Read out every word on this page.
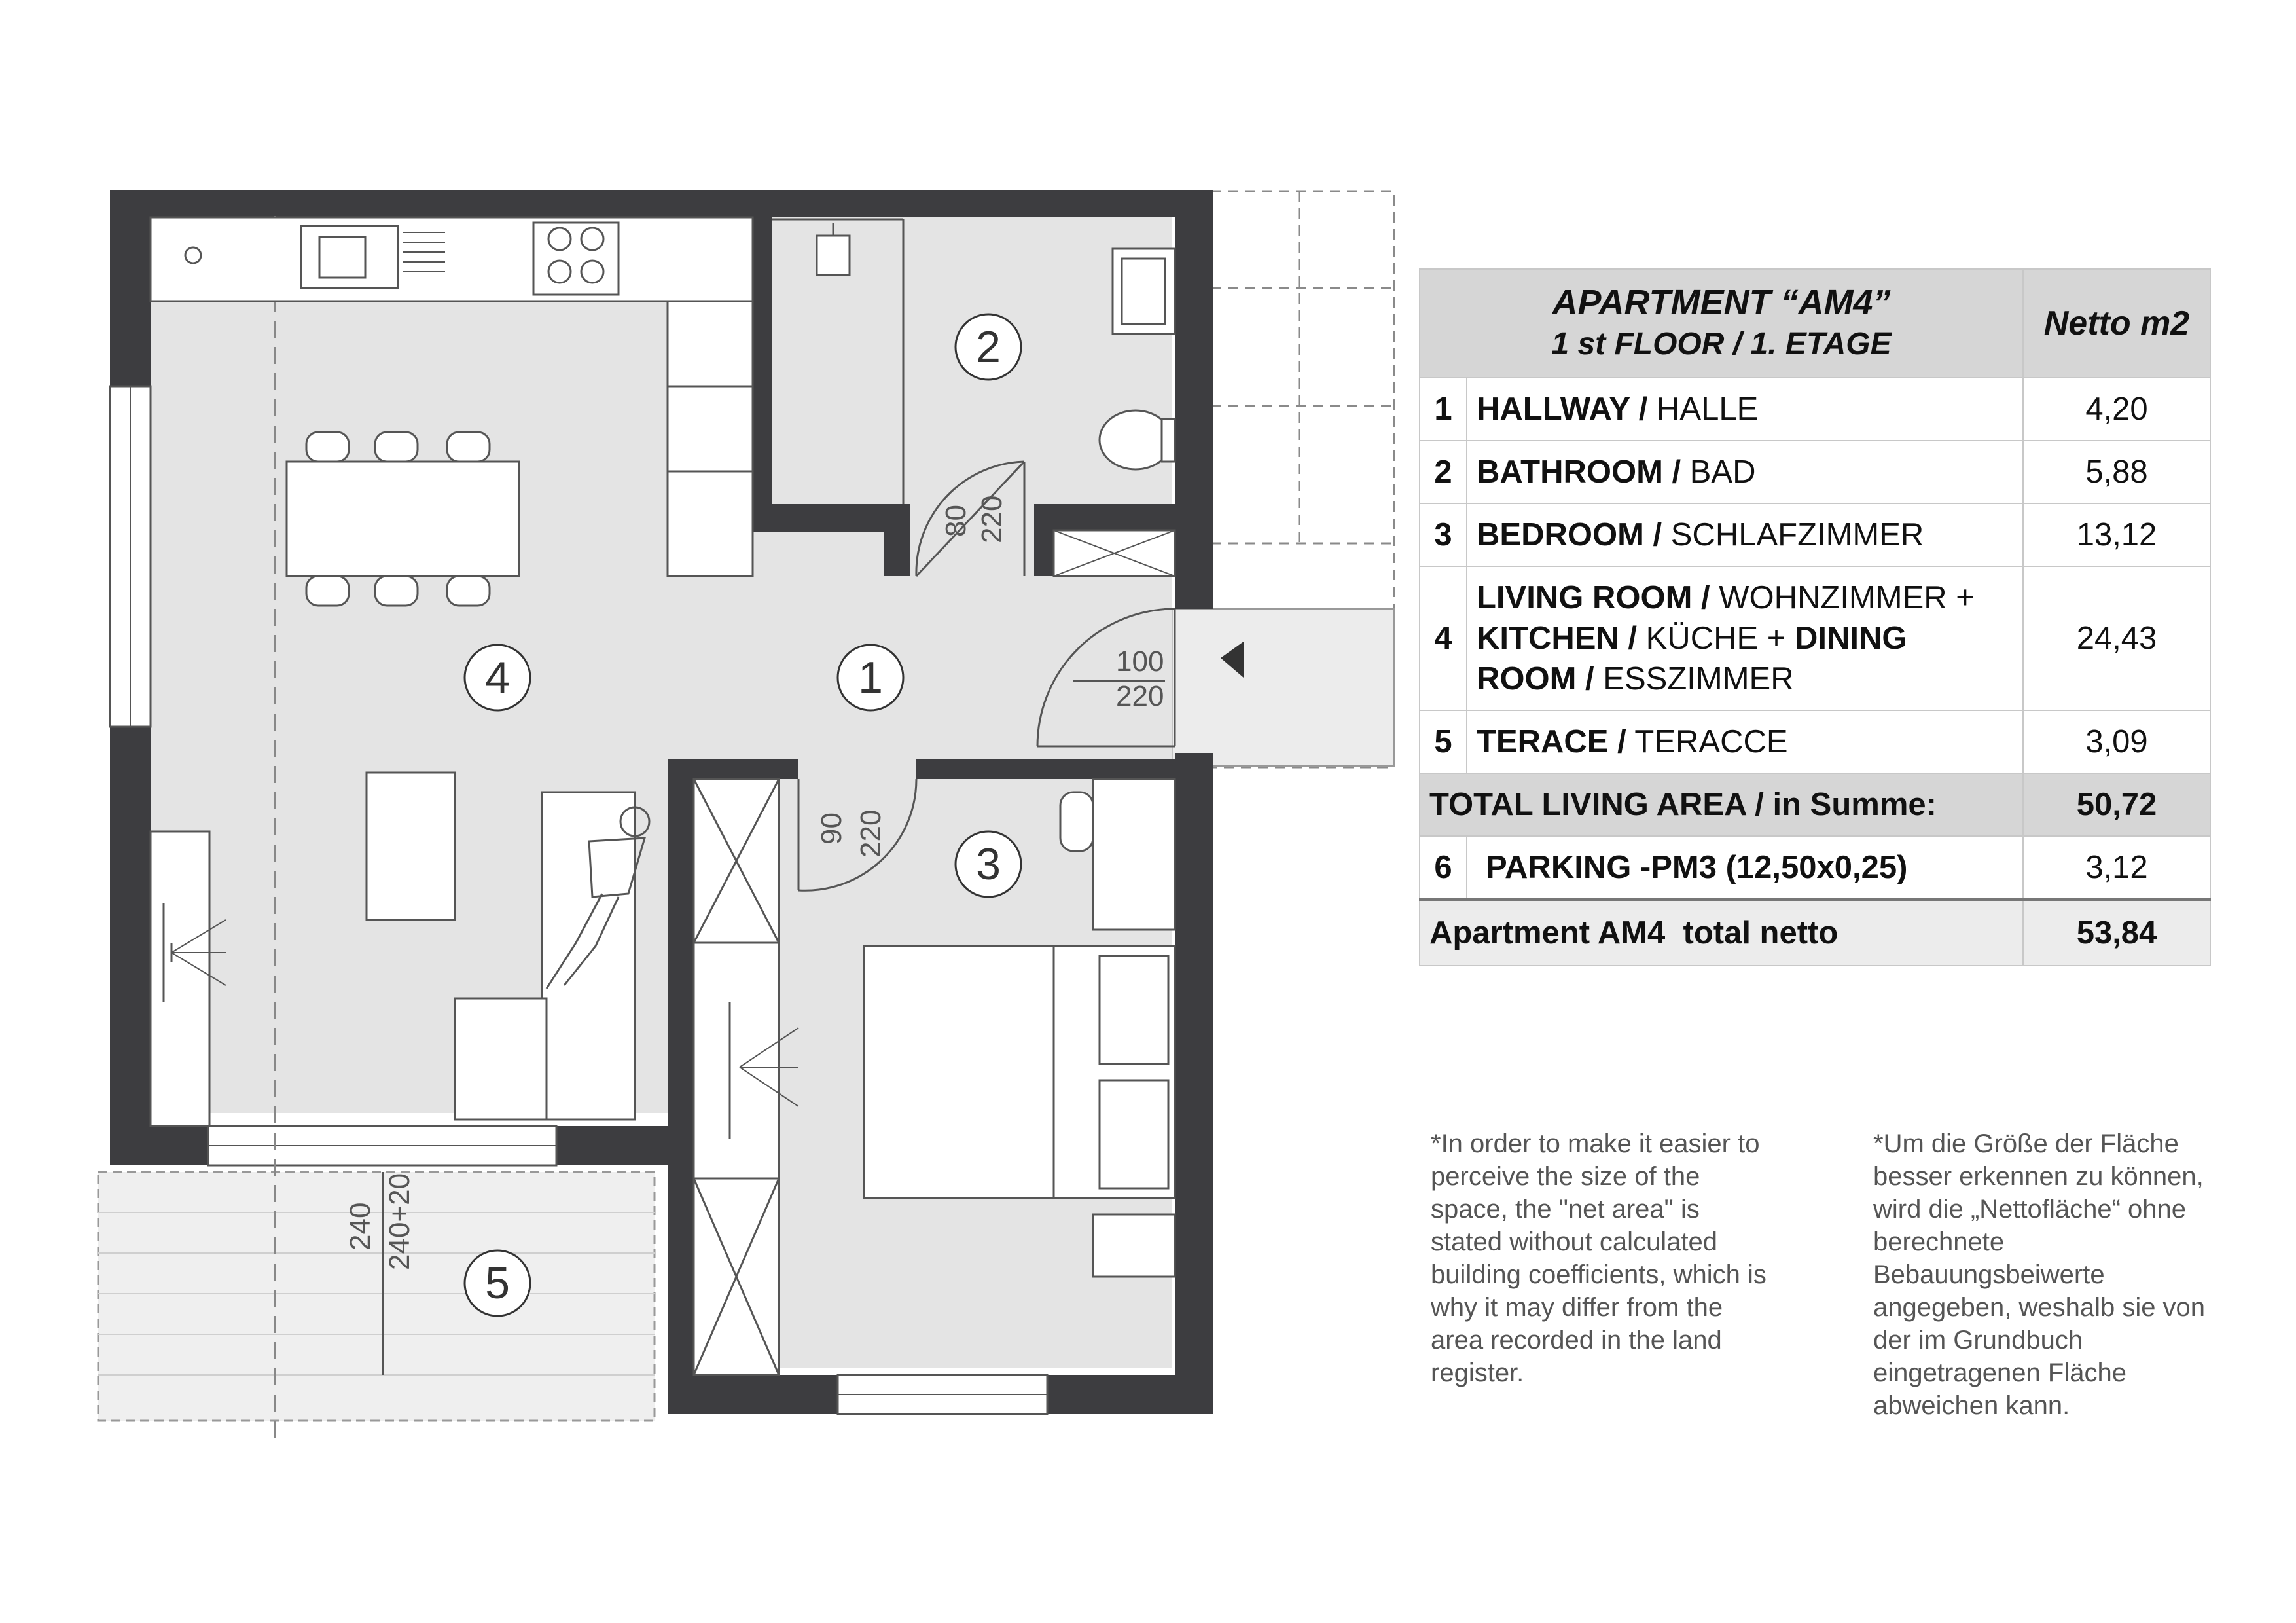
1
2
3
4
5
80 220
100
220
90 220
240 240+20
APARTMENT “AM4”
1 st FLOOR / 1. ETAGE		Netto m2
1	HALLWAY / HALLE	4,20
2	BATHROOM / BAD	5,88
3	BEDROOM / SCHLAFZIMMER	13,12
4	LIVING ROOM / WOHNZIMMER +
KITCHEN / KÜCHE + DINING
ROOM / ESSZIMMER	24,43
5	TERACE / TERACCE	3,09
TOTAL LIVING AREA / in Summe:		50,72
6	PARKING -PM3 (12,50x0,25)	3,12
Apartment AM4  total netto		53,84
*In order to make it easier to perceive the size of the space, the "net area" is stated without calculated building coefficients, which is why it may differ from the area recorded in the land register.
*Um die Größe der Fläche besser erkennen zu können, wird die „Nettofläche“ ohne berechnete Bebauungsbeiwerte angegeben, weshalb sie von der im Grundbuch eingetragenen Fläche abweichen kann.
